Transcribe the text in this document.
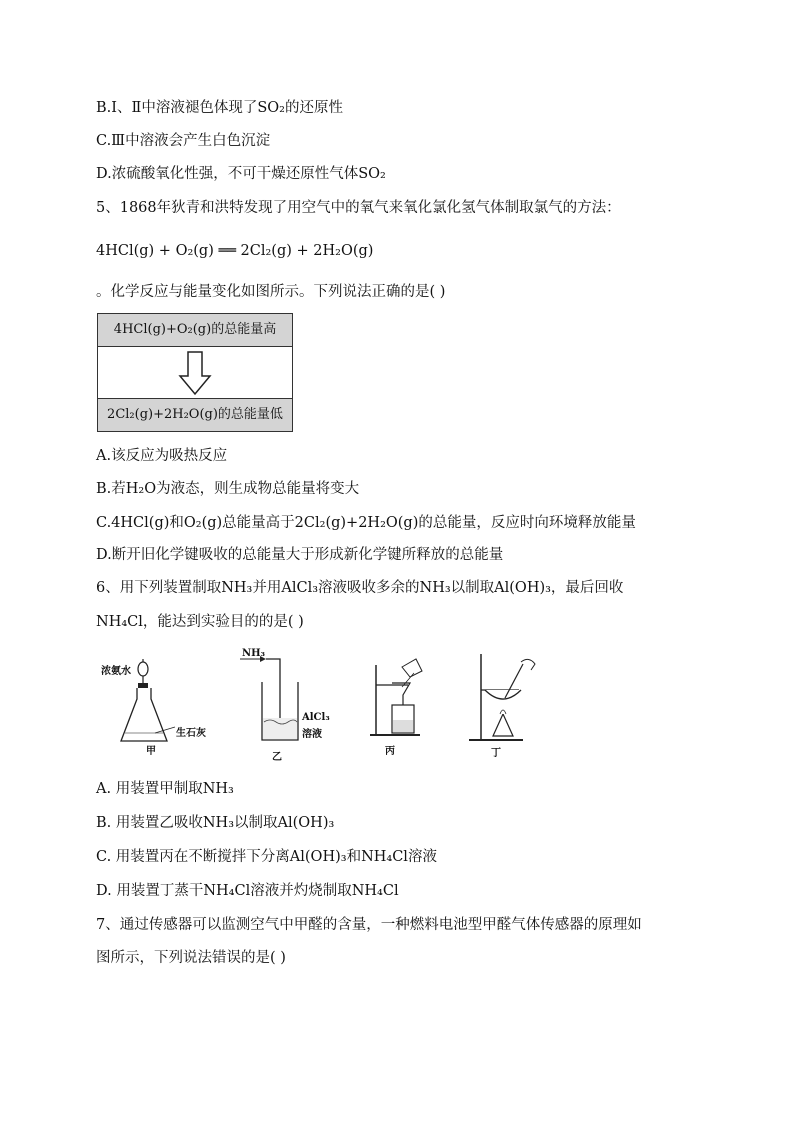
B.Ⅰ、Ⅱ中溶液褪色体现了SO₂的还原性
C.Ⅲ中溶液会产生白色沉淀
D.浓硫酸氧化性强，不可干燥还原性气体SO₂
5、1868年狄青和洪特发现了用空气中的氧气来氧化氯化氢气体制取氯气的方法：
4HCl(g) + O₂(g) ══ 2Cl₂(g) + 2H₂O(g)
。化学反应与能量变化如图所示。下列说法正确的是( )
4HCl(g)+O₂(g)的总能量高
2Cl₂(g)+2H₂O(g)的总能量低
A.该反应为吸热反应
B.若H₂O为液态，则生成物总能量将变大
C.4HCl(g)和O₂(g)总能量高于2Cl₂(g)+2H₂O(g)的总能量，反应时向环境释放能量
D.断开旧化学键吸收的总能量大于形成新化学键所释放的总能量
6、用下列装置制取NH₃并用AlCl₃溶液吸收多余的NH₃以制取Al(OH)₃，最后回收
NH₄Cl，能达到实验目的的是( )
浓氨水
生石灰
甲
NH₃
AlCl₃
溶液
乙
丙	丁
A. 用装置甲制取NH₃
B. 用装置乙吸收NH₃以制取Al(OH)₃
C. 用装置丙在不断搅拌下分离Al(OH)₃和NH₄Cl溶液
D. 用装置丁蒸干NH₄Cl溶液并灼烧制取NH₄Cl
7、通过传感器可以监测空气中甲醛的含量，一种燃料电池型甲醛气体传感器的原理如
图所示，下列说法错误的是( )
